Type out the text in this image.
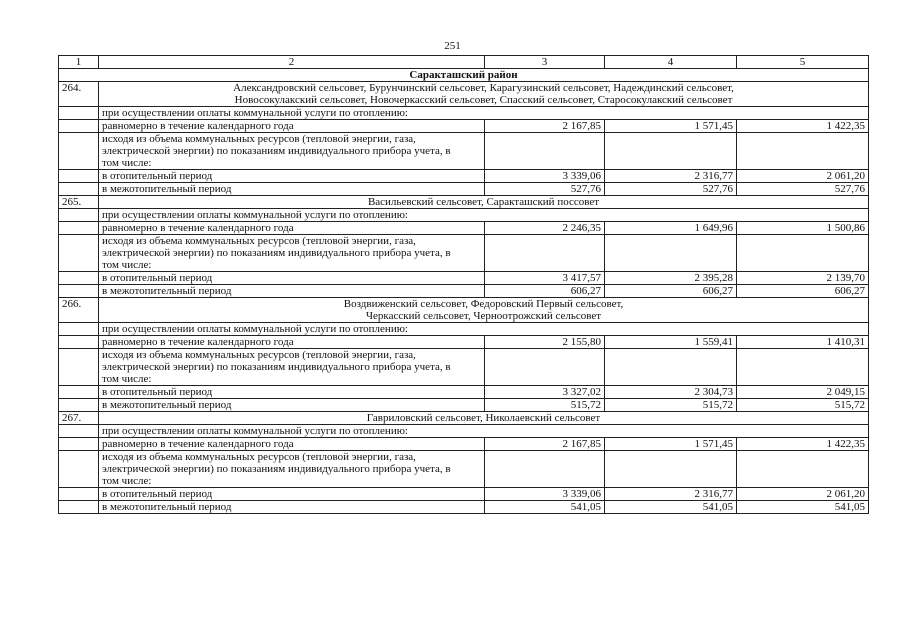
251
1	2	3	4	5
Саракташский район				
264.	Александровский сельсовет, Бурунчинский сельсовет, Карагузинский сельсовет, Надеждинский сельсовет,
Новосокулакский сельсовет, Новочеркасский сельсовет, Спасский сельсовет, Старосокулакский сельсовет			

	при осуществлении оплаты коммунальной услуги по отоплению:			
	равномерно в течение календарного года	2 167,85	1 571,45	1 422,35
	исходя из объема коммунальных ресурсов (тепловой энергии, газа, электрической энергии) по показаниям индивидуального прибора учета, в том числе:			
	в отопительный период	3 339,06	2 316,77	2 061,20
	в межотопительный период	527,76	527,76	527,76
265.	Васильевский сельсовет, Саракташский поссовет			

	при осуществлении оплаты коммунальной услуги по отоплению:			
	равномерно в течение календарного года	2 246,35	1 649,96	1 500,86
	исходя из объема коммунальных ресурсов (тепловой энергии, газа, электрической энергии) по показаниям индивидуального прибора учета, в том числе:			
	в отопительный период	3 417,57	2 395,28	2 139,70
	в межотопительный период	606,27	606,27	606,27
266.	Воздвиженский сельсовет, Федоровский Первый сельсовет,
Черкасский сельсовет, Черноотрожский сельсовет			

	при осуществлении оплаты коммунальной услуги по отоплению:			
	равномерно в течение календарного года	2 155,80	1 559,41	1 410,31
	исходя из объема коммунальных ресурсов (тепловой энергии, газа, электрической энергии) по показаниям индивидуального прибора учета, в том числе:			
	в отопительный период	3 327,02	2 304,73	2 049,15
	в межотопительный период	515,72	515,72	515,72
267.	Гавриловский сельсовет, Николаевский сельсовет			

	при осуществлении оплаты коммунальной услуги по отоплению:			
	равномерно в течение календарного года	2 167,85	1 571,45	1 422,35
	исходя из объема коммунальных ресурсов (тепловой энергии, газа, электрической энергии) по показаниям индивидуального прибора учета, в том числе:			
	в отопительный период	3 339,06	2 316,77	2 061,20
	в межотопительный период	541,05	541,05	541,05
